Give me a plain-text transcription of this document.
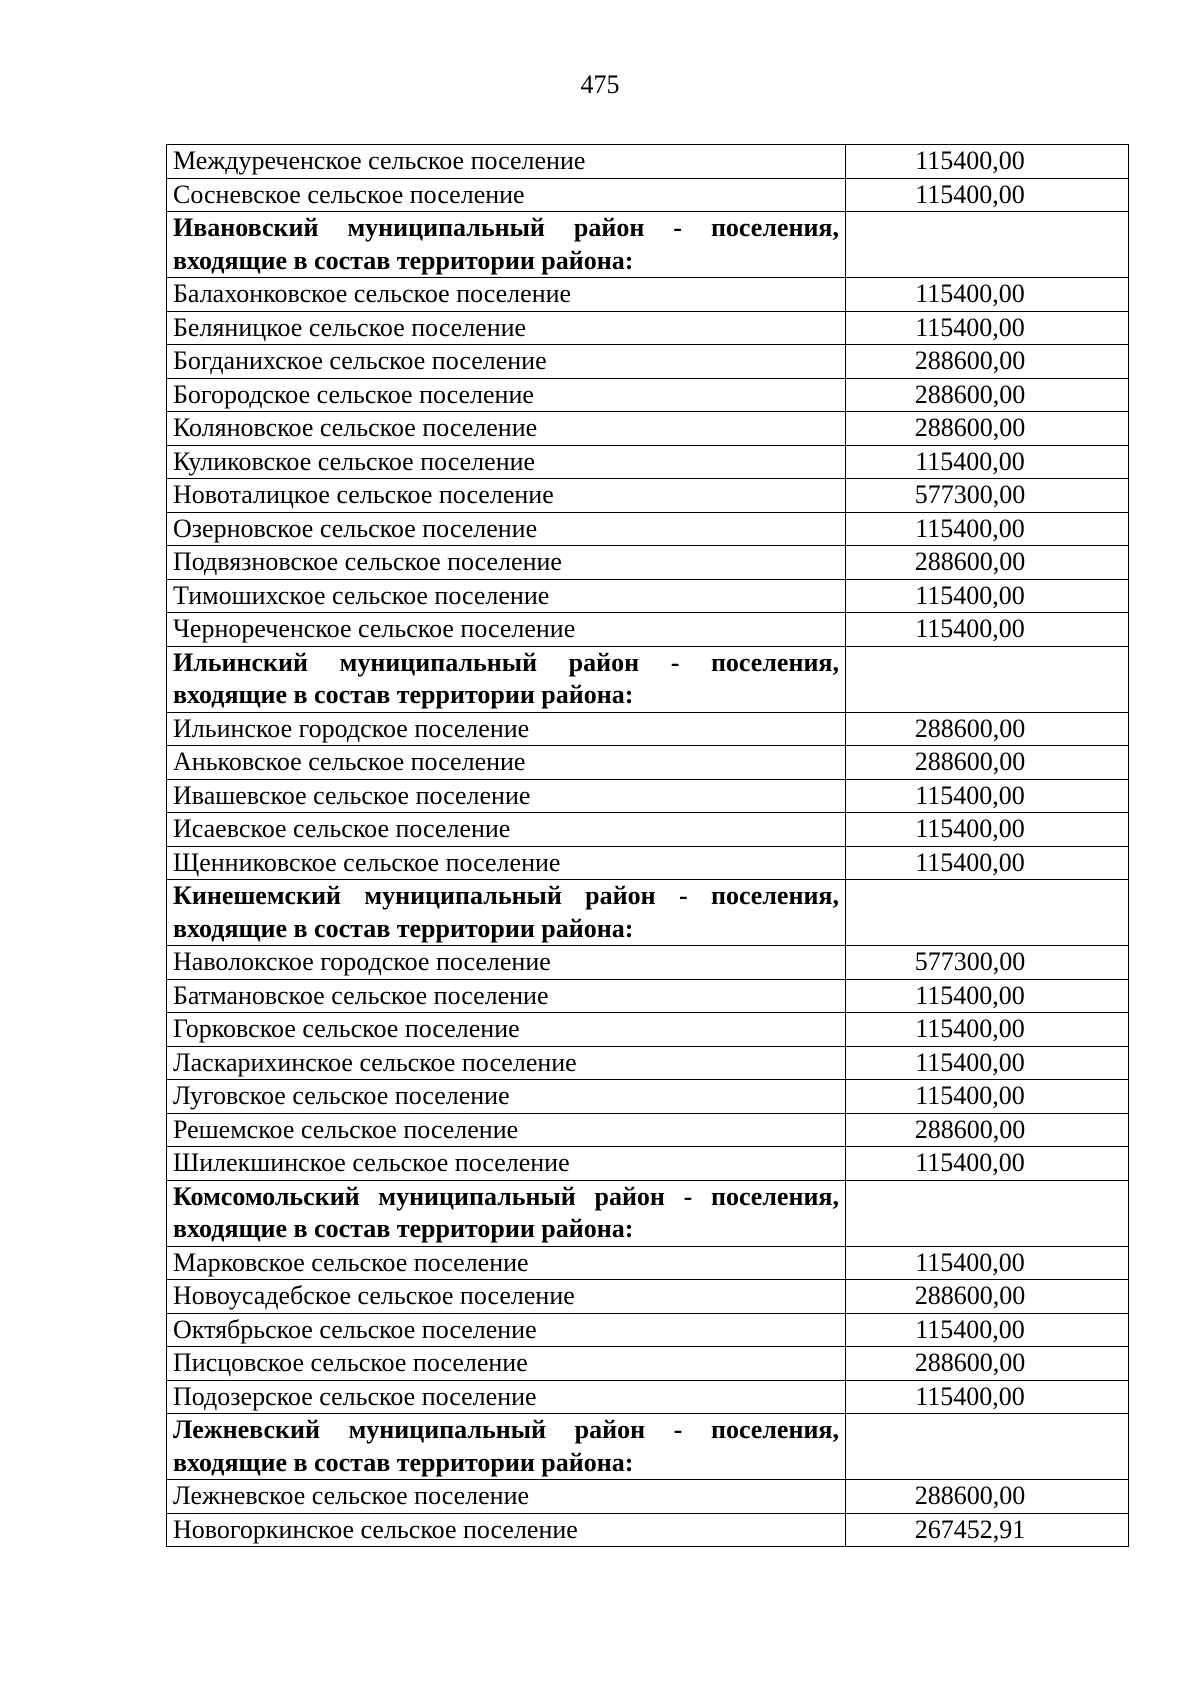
475
Междуреченское сельское поселение	115400,00
Сосневское сельское поселение	115400,00
Ивановский муниципальный район - поселения, входящие в состав территории района:	
Балахонковское сельское поселение	115400,00
Беляницкое сельское поселение	115400,00
Богданихское сельское поселение	288600,00
Богородское сельское поселение	288600,00
Коляновское сельское поселение	288600,00
Куликовское сельское поселение	115400,00
Новоталицкое сельское поселение	577300,00
Озерновское сельское поселение	115400,00
Подвязновское сельское поселение	288600,00
Тимошихское сельское поселение	115400,00
Чернореченское сельское поселение	115400,00
Ильинский муниципальный район - поселения, входящие в состав территории района:	
Ильинское городское поселение	288600,00
Аньковское сельское поселение	288600,00
Ивашевское сельское поселение	115400,00
Исаевское сельское поселение	115400,00
Щенниковское сельское поселение	115400,00
Кинешемский муниципальный район - поселения, входящие в состав территории района:	
Наволокское городское поселение	577300,00
Батмановское сельское поселение	115400,00
Горковское сельское поселение	115400,00
Ласкарихинское сельское поселение	115400,00
Луговское сельское поселение	115400,00
Решемское сельское поселение	288600,00
Шилекшинское сельское поселение	115400,00
Комсомольский муниципальный район - поселения, входящие в состав территории района:	
Марковское сельское поселение	115400,00
Новоусадебское сельское поселение	288600,00
Октябрьское сельское поселение	115400,00
Писцовское сельское поселение	288600,00
Подозерское сельское поселение	115400,00
Лежневский муниципальный район - поселения, входящие в состав территории района:	
Лежневское сельское поселение	288600,00
Новогоркинское сельское поселение	267452,91
